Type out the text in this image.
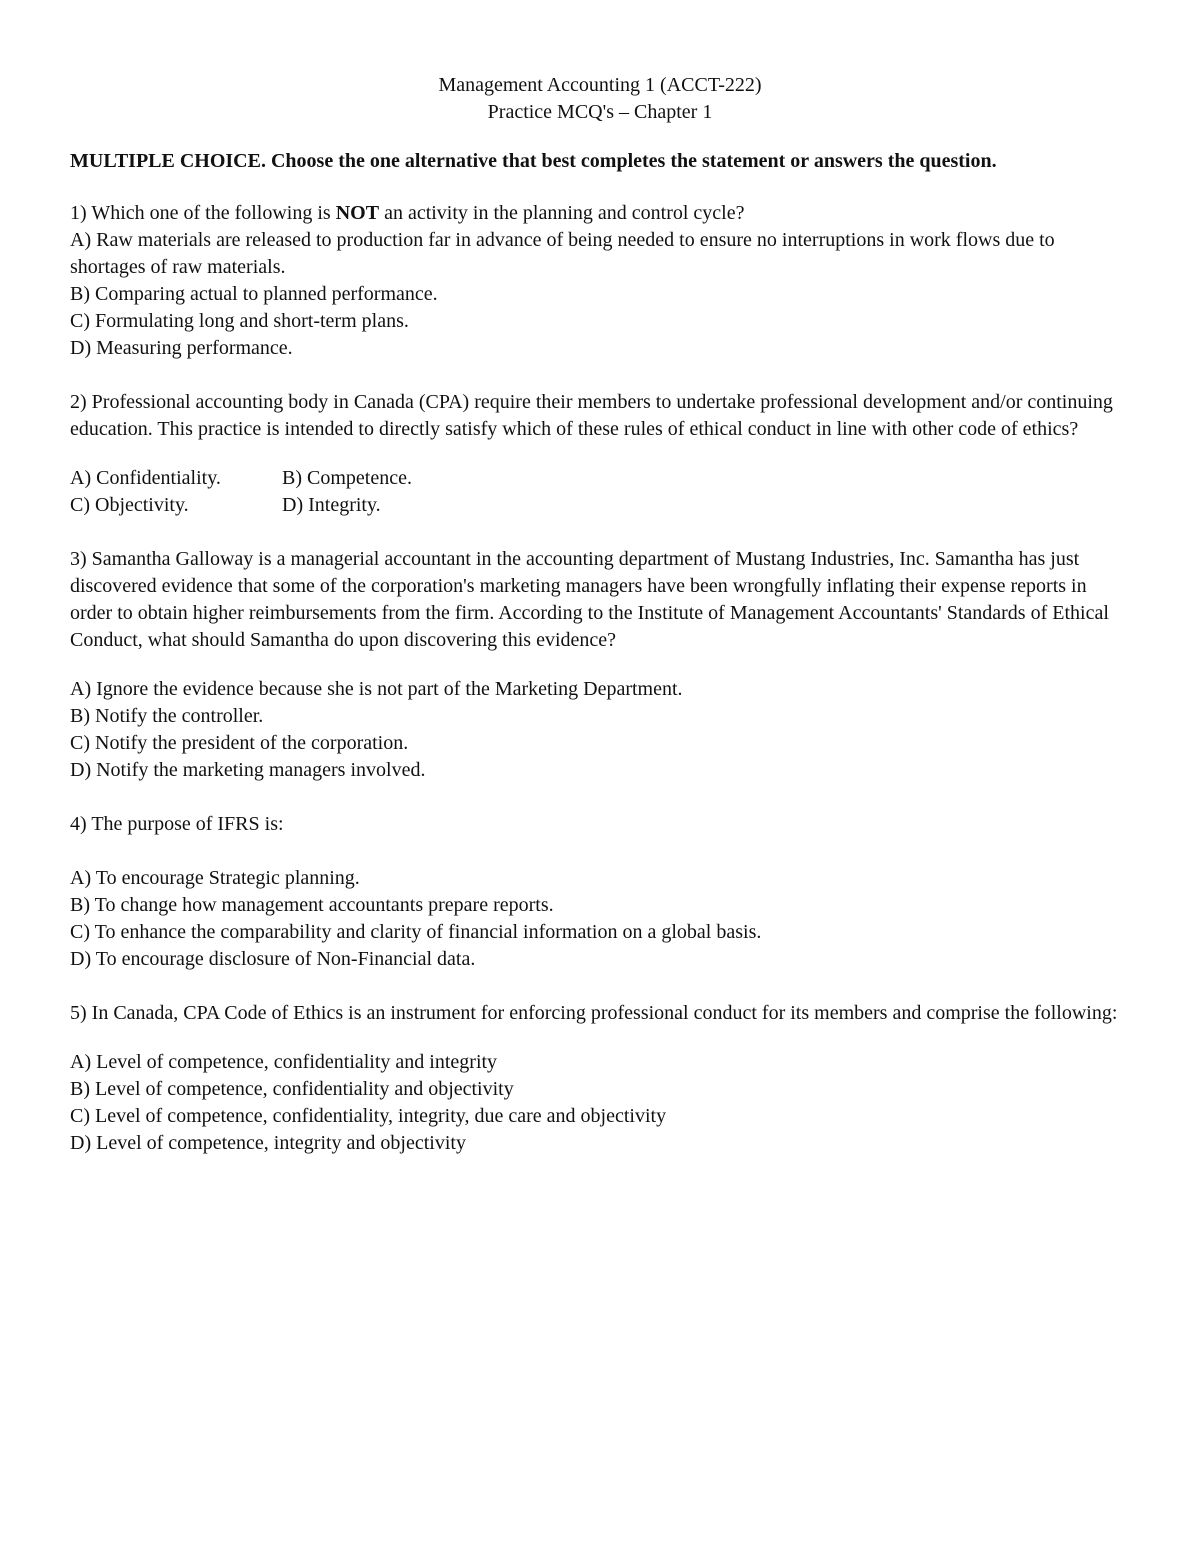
Management Accounting 1 (ACCT-222)
Practice MCQ's – Chapter 1
MULTIPLE CHOICE. Choose the one alternative that best completes the statement or answers the question.
1) Which one of the following is NOT an activity in the planning and control cycle?
A) Raw materials are released to production far in advance of being needed to ensure no interruptions in work flows due to shortages of raw materials.
B) Comparing actual to planned performance.
C) Formulating long and short-term plans.
D) Measuring performance.
2) Professional accounting body in Canada (CPA) require their members to undertake professional development and/or continuing education. This practice is intended to directly satisfy which of these rules of ethical conduct in line with other code of ethics?
A) Confidentiality.	B) Competence.
C) Objectivity.	D) Integrity.
3) Samantha Galloway is a managerial accountant in the accounting department of Mustang Industries, Inc. Samantha has just discovered evidence that some of the corporation's marketing managers have been wrongfully inflating their expense reports in order to obtain higher reimbursements from the firm. According to the Institute of Management Accountants' Standards of Ethical Conduct, what should Samantha do upon discovering this evidence?
A) Ignore the evidence because she is not part of the Marketing Department.
B) Notify the controller.
C) Notify the president of the corporation.
D) Notify the marketing managers involved.
4) The purpose of IFRS is:
A) To encourage Strategic planning.
B) To change how management accountants prepare reports.
C) To enhance the comparability and clarity of financial information on a global basis.
D) To encourage disclosure of Non-Financial data.
5) In Canada, CPA Code of Ethics is an instrument for enforcing professional conduct for its members and comprise the following:
A) Level of competence, confidentiality and integrity
B) Level of competence, confidentiality and objectivity
C) Level of competence, confidentiality, integrity, due care and objectivity
D) Level of competence, integrity and objectivity
